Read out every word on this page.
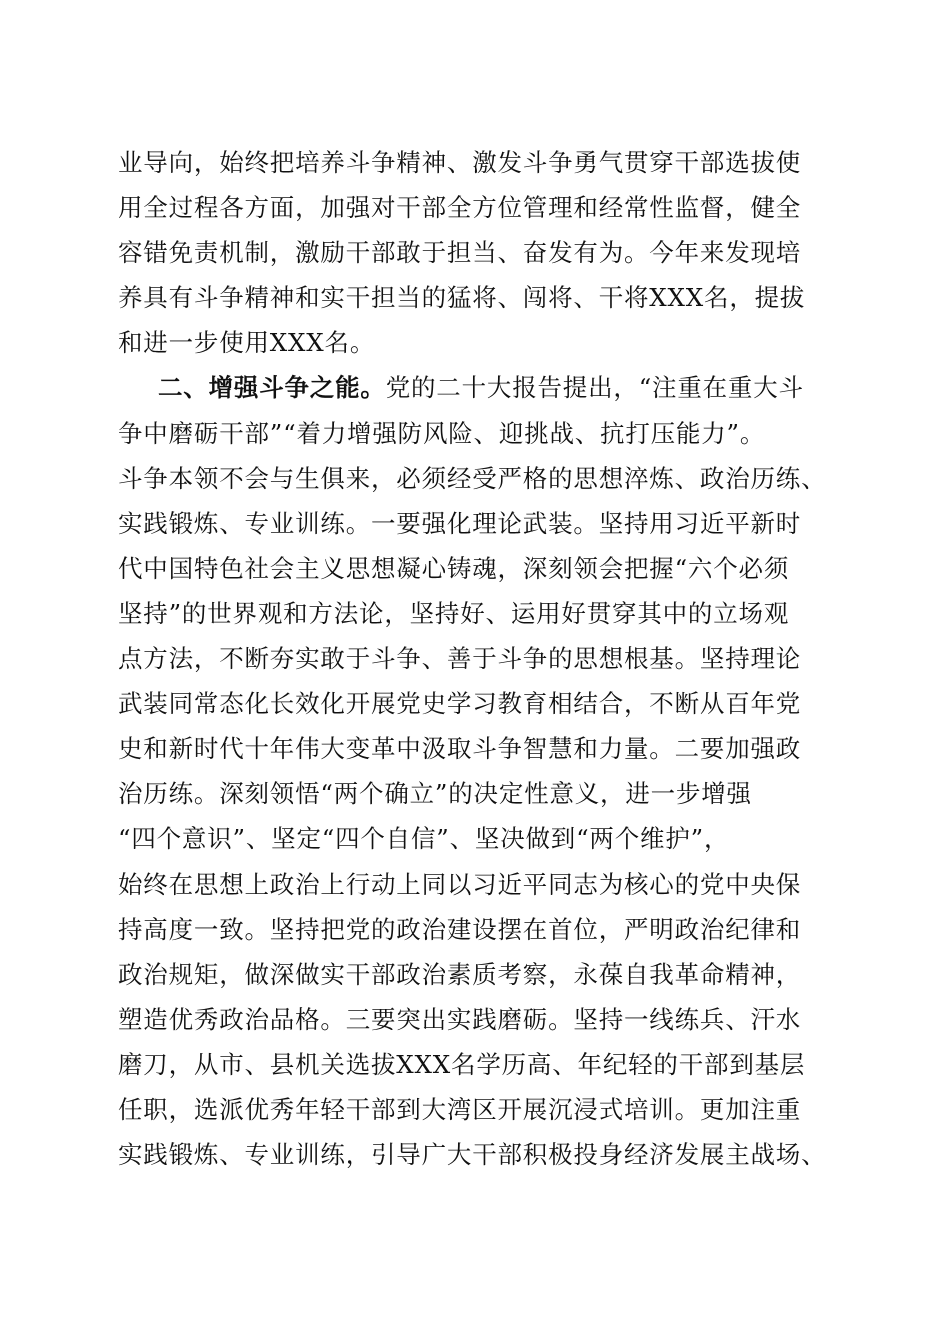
业导向，始终把培养斗争精神、激发斗争勇气贯穿干部选拔使
用全过程各方面，加强对干部全方位管理和经常性监督，健全
容错免责机制，激励干部敢于担当、奋发有为。今年来发现培
养具有斗争精神和实干担当的猛将、闯将、干将XXX名，提拔
和进一步使用XXX名。
二、增强斗争之能。党的二十大报告提出，“注重在重大斗
争中磨砺干部”“着力增强防风险、迎挑战、抗打压能力”。
斗争本领不会与生俱来，必须经受严格的思想淬炼、政治历练、
实践锻炼、专业训练。一要强化理论武装。坚持用习近平新时
代中国特色社会主义思想凝心铸魂，深刻领会把握“六个必须
坚持”的世界观和方法论，坚持好、运用好贯穿其中的立场观
点方法，不断夯实敢于斗争、善于斗争的思想根基。坚持理论
武装同常态化长效化开展党史学习教育相结合，不断从百年党
史和新时代十年伟大变革中汲取斗争智慧和力量。二要加强政
治历练。深刻领悟“两个确立”的决定性意义，进一步增强
“四个意识”、坚定“四个自信”、坚决做到“两个维护”，
始终在思想上政治上行动上同以习近平同志为核心的党中央保
持高度一致。坚持把党的政治建设摆在首位，严明政治纪律和
政治规矩，做深做实干部政治素质考察，永葆自我革命精神，
塑造优秀政治品格。三要突出实践磨砺。坚持一线练兵、汗水
磨刀，从市、县机关选拔XXX名学历高、年纪轻的干部到基层
任职，选派优秀年轻干部到大湾区开展沉浸式培训。更加注重
实践锻炼、专业训练，引导广大干部积极投身经济发展主战场、
